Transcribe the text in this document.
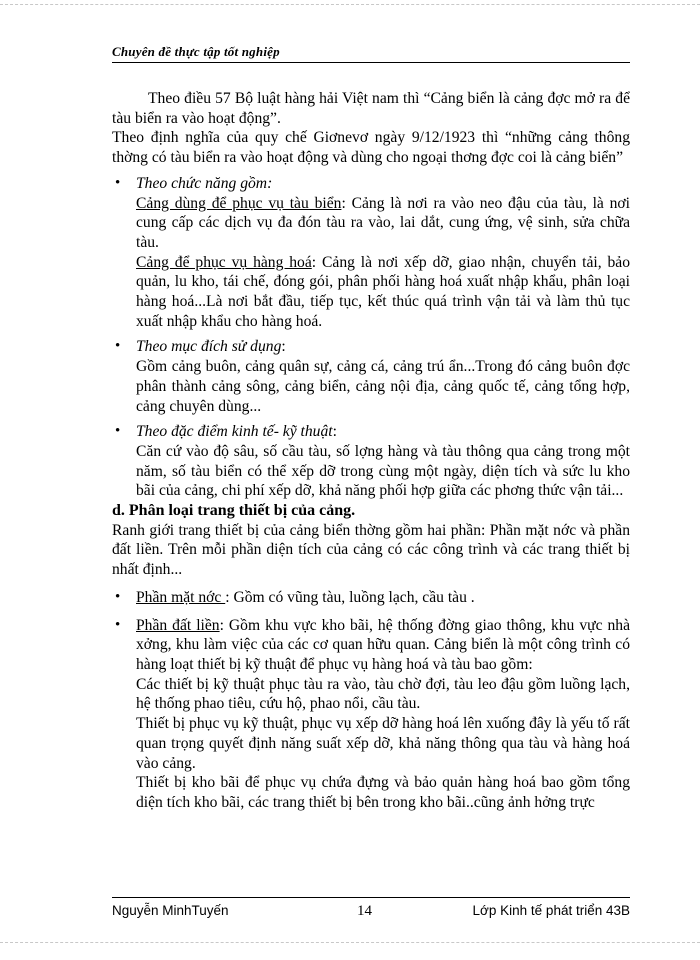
Chuyên đề thực tập tốt nghiệp

Theo điều 57 Bộ luật hàng hải Việt nam thì “Cảng biển là cảng đợc mở ra để tàu biển ra vào hoạt động”.

Theo định nghĩa của quy chế Giơnevơ ngày 9/12/1923 thì “những cảng thông thờng có tàu biển ra vào hoạt động và dùng cho ngoại thơng đợc coi là cảng biển”

• Theo chức năng gồm:

Cảng dùng để phục vụ tàu biển: Cảng là nơi ra vào neo đậu của tàu, là nơi cung cấp các dịch vụ đa đón tàu ra vào, lai dắt, cung ứng, vệ sinh, sửa chữa tàu.

Cảng để phục vụ hàng hoá: Cảng là nơi xếp dỡ, giao nhận, chuyển tải, bảo quản, lu kho, tái chế, đóng gói, phân phối hàng hoá xuất nhập khẩu, phân loại hàng hoá...Là nơi bắt đầu, tiếp tục, kết thúc quá trình vận tải và làm thủ tục xuất nhập khẩu cho hàng hoá.

• Theo mục đích sử dụng:

Gồm cảng buôn, cảng quân sự, cảng cá, cảng trú ẩn...Trong đó cảng buôn đợc phân thành cảng sông, cảng biển, cảng nội địa, cảng quốc tế, cảng tổng hợp, cảng chuyên dùng...

• Theo đặc điểm kinh tế- kỹ thuật:

Căn cứ vào độ sâu, số cầu tàu, số lợng hàng và tàu thông qua cảng trong một năm, số tàu biển có thể xếp dỡ trong cùng một ngày, diện tích và sức lu kho bãi của cảng, chi phí xếp dỡ, khả năng phối hợp giữa các phơng thức vận tải...

d. Phân loại trang thiết bị của cảng.

Ranh giới trang thiết bị của cảng biển thờng gồm hai phần: Phần mặt nớc và phần đất liền. Trên mỗi phần diện tích của cảng có các công trình và các trang thiết bị nhất định...

• Phần mặt nớc : Gồm có vũng tàu, luồng lạch, cầu tàu .

• Phần đất liền: Gồm khu vực kho bãi, hệ thống đờng giao thông, khu vực nhà xởng, khu làm việc của các cơ quan hữu quan. Cảng biển là một công trình có hàng loạt thiết bị kỹ thuật để phục vụ hàng hoá và tàu bao gồm:

Các thiết bị kỹ thuật phục tàu ra vào, tàu chờ đợi, tàu leo đậu gồm luồng lạch, hệ thống phao tiêu, cứu hộ, phao nổi, cầu tàu.

Thiết bị phục vụ kỹ thuật, phục vụ xếp dỡ hàng hoá lên xuống đây là yếu tố rất quan trọng quyết định năng suất xếp dỡ, khả năng thông qua tàu và hàng hoá vào cảng.

Thiết bị kho bãi để phục vụ chứa đựng và bảo quản hàng hoá bao gồm tổng diện tích kho bãi, các trang thiết bị bên trong kho bãi..cũng ảnh hởng trực

Nguyễn MinhTuyến	14	Lớp Kinh tế phát triển 43B
